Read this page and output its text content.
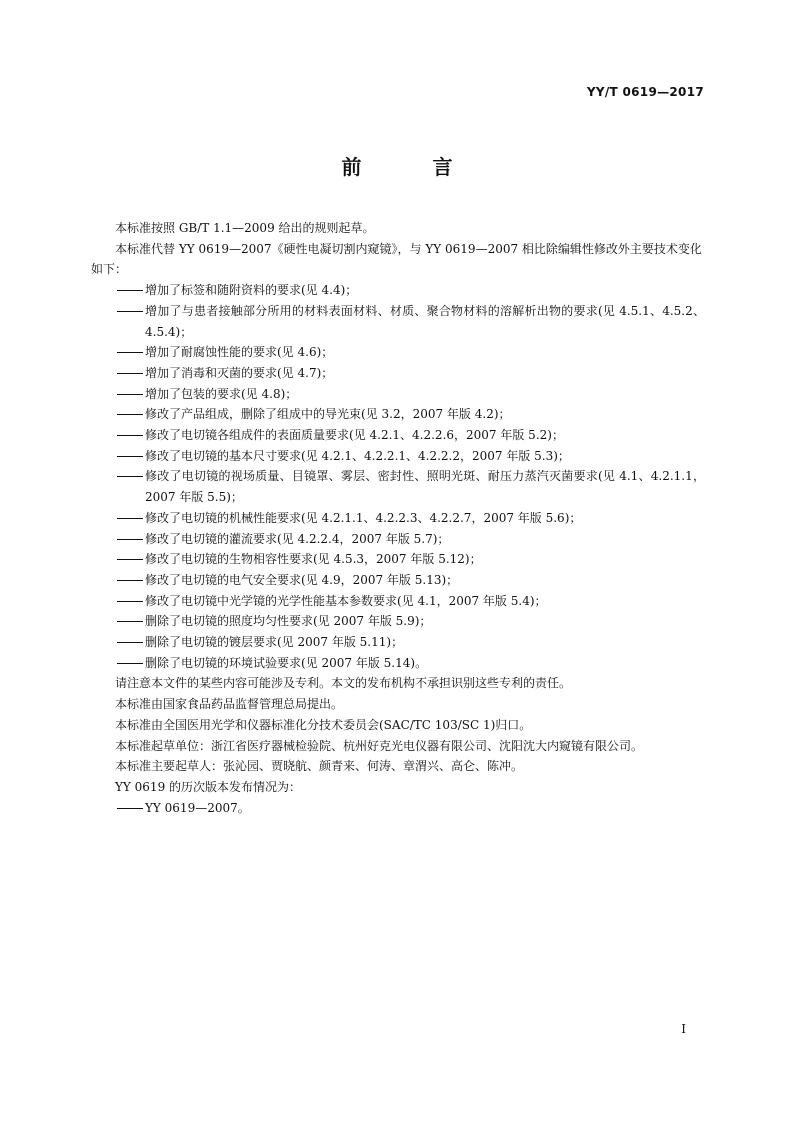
YY/T 0619—2017
前 言

本标准按照 GB/T 1.1—2009 给出的规则起草。

本标准代替 YY 0619—2007《硬性电凝切割内窥镜》，与 YY 0619—2007 相比除编辑性修改外主要技术变化如下：

增加了标签和随附资料的要求(见 4.4)；

增加了与患者接触部分所用的材料表面材料、材质、聚合物材料的溶解析出物的要求(见 4.5.1、4.5.2、4.5.4)；

增加了耐腐蚀性能的要求(见 4.6)；

增加了消毒和灭菌的要求(见 4.7)；

增加了包装的要求(见 4.8)；

修改了产品组成，删除了组成中的导光束(见 3.2，2007 年版 4.2)；

修改了电切镜各组成件的表面质量要求(见 4.2.1、4.2.2.6，2007 年版 5.2)；

修改了电切镜的基本尺寸要求(见 4.2.1、4.2.2.1、4.2.2.2，2007 年版 5.3)；

修改了电切镜的视场质量、目镜罩、雾层、密封性、照明光斑、耐压力蒸汽灭菌要求(见 4.1、4.2.1.1，2007 年版 5.5)；

修改了电切镜的机械性能要求(见 4.2.1.1、4.2.2.3、4.2.2.7，2007 年版 5.6)；

修改了电切镜的灌流要求(见 4.2.2.4，2007 年版 5.7)；

修改了电切镜的生物相容性要求(见 4.5.3，2007 年版 5.12)；

修改了电切镜的电气安全要求(见 4.9，2007 年版 5.13)；

修改了电切镜中光学镜的光学性能基本参数要求(见 4.1，2007 年版 5.4)；

删除了电切镜的照度均匀性要求(见 2007 年版 5.9)；

删除了电切镜的镀层要求(见 2007 年版 5.11)；

删除了电切镜的环境试验要求(见 2007 年版 5.14)。

请注意本文件的某些内容可能涉及专利。本文的发布机构不承担识别这些专利的责任。

本标准由国家食品药品监督管理总局提出。

本标准由全国医用光学和仪器标准化分技术委员会(SAC/TC 103/SC 1)归口。

本标准起草单位：浙江省医疗器械检验院、杭州好克光电仪器有限公司、沈阳沈大内窥镜有限公司。

本标准主要起草人：张沁园、贾晓航、颜青来、何涛、章渭兴、高仑、陈冲。

YY 0619 的历次版本发布情况为：

YY 0619—2007。

I
